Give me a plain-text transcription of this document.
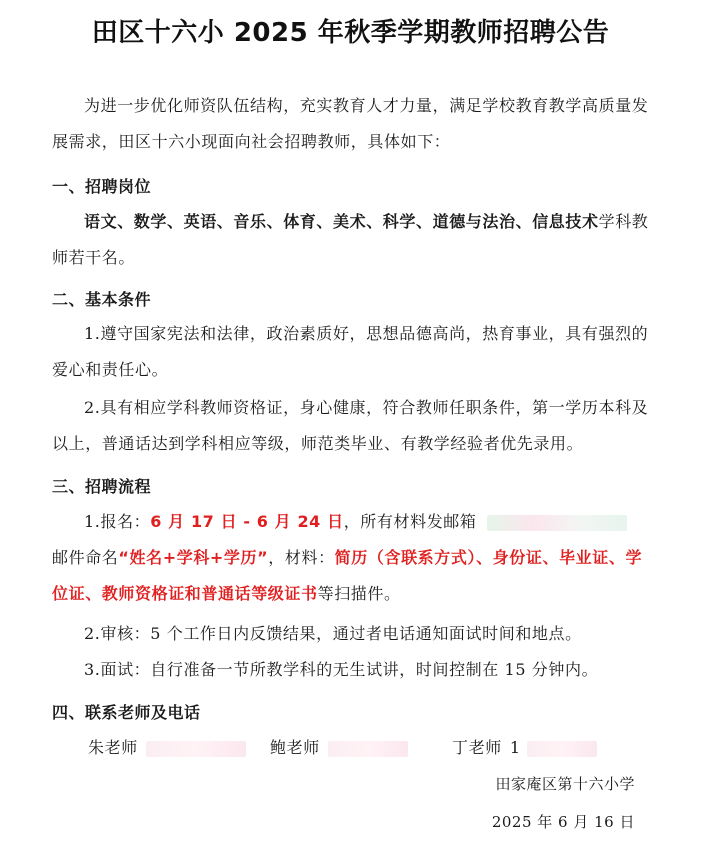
田区十六小 2025 年秋季学期教师招聘公告
为进一步优化师资队伍结构，充实教育人才力量，满足学校教育教学高质量发展需求，田区十六小现面向社会招聘教师，具体如下：
一、招聘岗位
语文、数学、英语、音乐、体育、美术、科学、道德与法治、信息技术学科教师若干名。
二、基本条件
1.遵守国家宪法和法律，政治素质好，思想品德高尚，热育事业，具有强烈的爱心和责任心。
2.具有相应学科教师资格证，身心健康，符合教师任职条件，第一学历本科及以上，普通话达到学科相应等级，师范类毕业、有教学经验者优先录用。
三、招聘流程
1.报名：6 月 17 日 - 6 月 24 日，所有材料发邮箱邮件命名“姓名+学科+学历”，材料：简历（含联系方式）、身份证、毕业证、学位证、教师资格证和普通话等级证书等扫描件。
2.审核：5 个工作日内反馈结果，通过者电话通知面试时间和地点。
3.面试：自行准备一节所教学科的无生试讲，时间控制在 15 分钟内。
四、联系老师及电话
朱老师	鲍老师	丁老师 1
田家庵区第十六小学
2025 年 6 月 16 日
